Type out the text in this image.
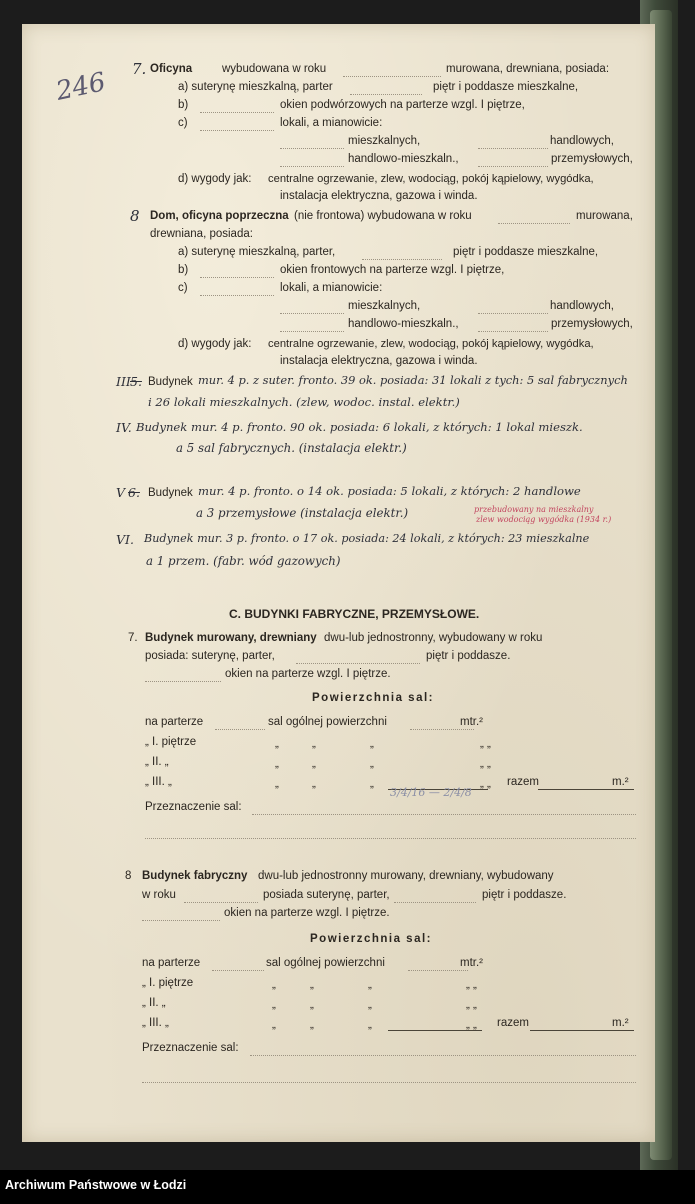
246 7. Oficyna	wybudowana w roku	murowana, drewniana, posiada:
a) suterynę mieszkalną, parter	piętr i poddasze mieszkalne,
b)	okien podwórzowych na parterze wzgl. I piętrze,
c)	lokali, a mianowicie:
mieszkalnych,	handlowych,
handlowo-mieszkaln.,	przemysłowych,
d) wygody jak: centralne ogrzewanie, zlew, wodociąg, pokój kąpielowy, wygódka,
instalacja elektryczna, gazowa i winda.
8 Dom, oficyna poprzeczna (nie frontowa) wybudowana w roku	murowana,
drewniana, posiada:
a) suterynę mieszkalną, parter,	piętr i poddasze mieszkalne,
b)	okien frontowych na parterze wzgl. I piętrze,
c)	lokali, a mianowicie:
mieszkalnych,	handlowych,
handlowo-mieszkaln.,	przemysłowych,
d) wygody jak: centralne ogrzewanie, zlew, wodociąg, pokój kąpielowy, wygódka,
instalacja elektryczna, gazowa i winda.
III 5. Budynek mur. 4 p. z suter. fronto. 39 ok. posiada: 31 lokali z tych: 5 sal fabrycznych
i 26 lokali mieszkalnych. (zlew, wodoc. instal. elektr.)
IV. Budynek mur. 4 p. fronto. 90 ok. posiada: 6 lokali, z których: 1 lokal mieszk.
a 5 sal fabrycznych. (instalacja elektr.)
V 6. Budynek mur. 4 p. fronto. o 14 ok. posiada: 5 lokali, z których: 2 handlowe
a 3 przemysłowe (instalacja elektr.)	przebudowany na mieszkalny
zlew wodociąg wygódka (1934 r.)
VI. Budynek mur. 3 p. fronto. o 17 ok. posiada: 24 lokali, z których: 23 mieszkalne
a 1 przem. (fabr. wód gazowych)
C. BUDYNKI FABRYCZNE, PRZEMYSŁOWE.
7. Budynek murowany, drewniany dwu-lub jednostronny, wybudowany w roku
posiada: suterynę, parter,	piętr i poddasze.
okien na parterze wzgl. I piętrze.
Powierzchnia sal:
na parterze	sal ogólnej powierzchni	mtr.²
„ I. piętrze	„	„	„	„ „
„ II. „	„	„	„	„ „
„ III. „	„	„	„	„ „ razem	m.²
3/4/16 — 2/4/8
Przeznaczenie sal:
8 Budynek fabryczny dwu-lub jednostronny murowany, drewniany, wybudowany
w roku	posiada suterynę, parter,	piętr i poddasze.
okien na parterze wzgl. I piętrze.
Powierzchnia sal:
na parterze	sal ogólnej powierzchni	mtr.²
„ I. piętrze	„	„	„	„ „
„ II. „	„	„	„	„ „
„ III. „	„	„	„	„ „ razem	m.²
Przeznaczenie sal:
Archiwum Państwowe w Łodzi
